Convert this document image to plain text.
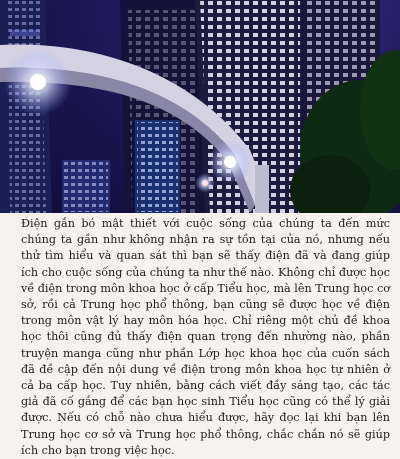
Điện gắn bó mật thiết với cuộc sống của chúng ta đến mức chúng ta gần như không nhận ra sự tồn tại của nó, nhưng nếu thử tìm hiểu và quan sát thì bạn sẽ thấy điện đã và đang giúp ích cho cuộc sống của chúng ta như thế nào. Không chỉ được học về điện trong môn khoa học ở cấp Tiểu học, mà lên Trung học cơ sở, rồi cả Trung học phổ thông, bạn cũng sẽ được học về điện trong môn vật lý hay môn hóa học. Chỉ riêng một chủ đề khoa học thôi cũng đủ thấy điện quan trọng đến nhường nào, phần truyện manga cũng như phần Lớp học khoa học của cuốn sách đã đề cập đến nội dung về điện trong môn khoa học tự nhiên ở cả ba cấp học. Tuy nhiên, bằng cách viết đầy sáng tạo, các tác giả đã cố gắng để các bạn học sinh Tiểu học cũng có thể lý giải được. Nếu có chỗ nào chưa hiểu được, hãy đọc lại khi bạn lên Trung học cơ sở và Trung học phổ thông, chắc chắn nó sẽ giúp ích cho bạn trong việc học.
